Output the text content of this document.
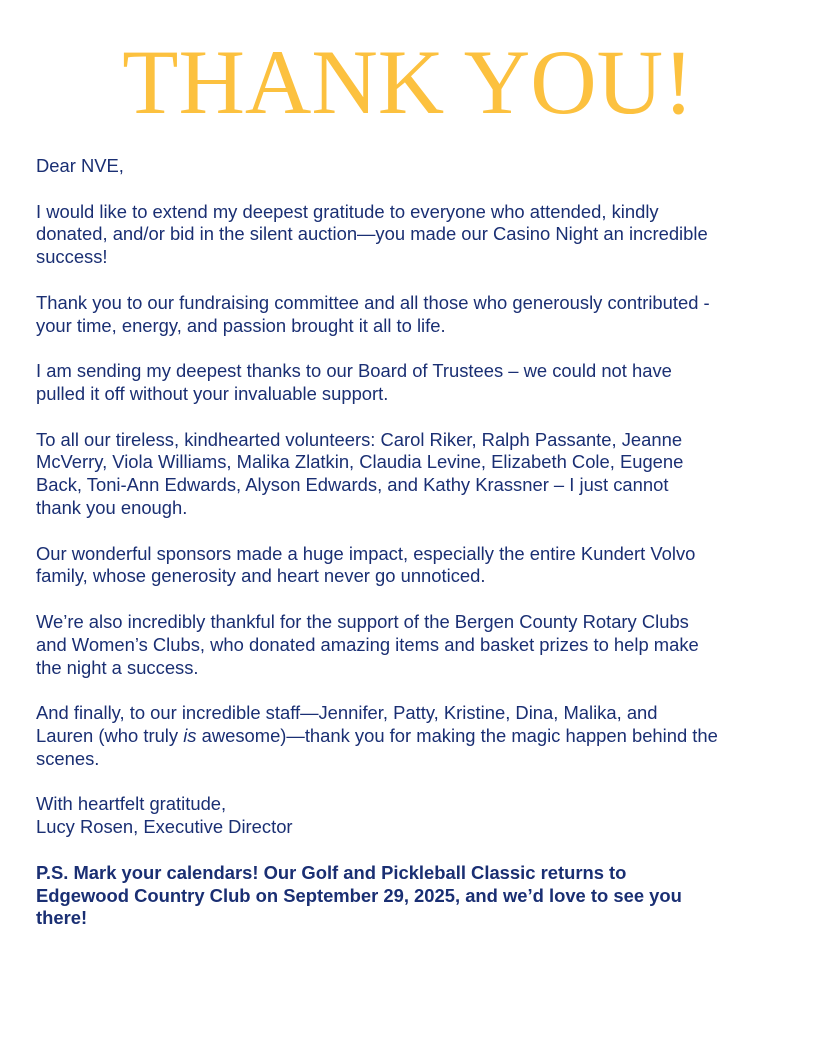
THANK YOU!

Dear NVE,

I would like to extend my deepest gratitude to everyone who attended, kindly
donated, and/or bid in the silent auction—you made our Casino Night an incredible
success!

Thank you to our fundraising committee and all those who generously contributed -
your time, energy, and passion brought it all to life.

I am sending my deepest thanks to our Board of Trustees – we could not have
pulled it off without your invaluable support.

To all our tireless, kindhearted volunteers: Carol Riker, Ralph Passante, Jeanne
McVerry, Viola Williams, Malika Zlatkin, Claudia Levine, Elizabeth Cole, Eugene
Back, Toni-Ann Edwards, Alyson Edwards, and Kathy Krassner – I just cannot
thank you enough.

Our wonderful sponsors made a huge impact, especially the entire Kundert Volvo
family, whose generosity and heart never go unnoticed.

We’re also incredibly thankful for the support of the Bergen County Rotary Clubs
and Women’s Clubs, who donated amazing items and basket prizes to help make
the night a success.

And finally, to our incredible staff—Jennifer, Patty, Kristine, Dina, Malika, and
Lauren (who truly is awesome)—thank you for making the magic happen behind the
scenes.

With heartfelt gratitude,
Lucy Rosen, Executive Director

P.S. Mark your calendars! Our Golf and Pickleball Classic returns to
Edgewood Country Club on September 29, 2025, and we’d love to see you
there!
